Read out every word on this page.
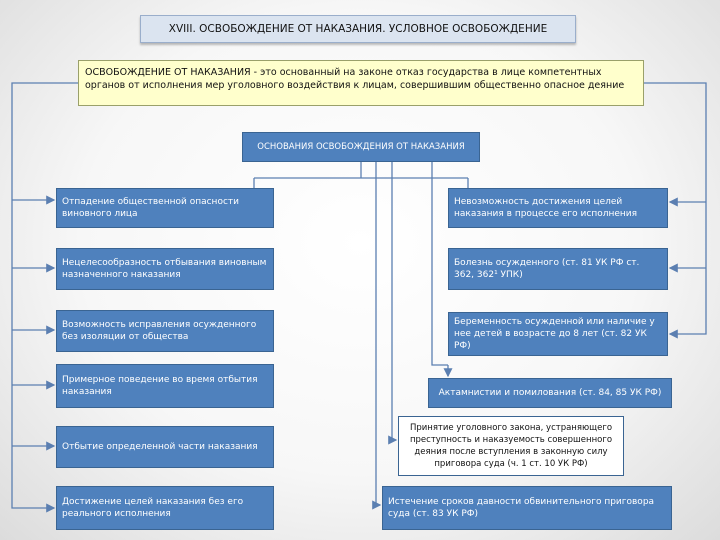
XVIII. ОСВОБОЖДЕНИЕ ОТ НАКАЗАНИЯ. УСЛОВНОЕ ОСВОБОЖДЕНИЕ
ОСВОБОЖДЕНИЕ ОТ НАКАЗАНИЯ - это основанный на законе отказ государства в лице компетентных органов от исполнения мер уголовного воздействия к лицам, совершившим общественно опасное деяние
ОСНОВАНИЯ ОСВОБОЖДЕНИЯ ОТ НАКАЗАНИЯ
Отпадение общественной опасности виновного лица
Нецелесообразность отбывания виновным назначенного наказания
Возможность исправления осужденного без изоляции от общества
Примерное поведение во время отбытия наказания
Отбытие определенной части наказания
Достижение целей наказания без его реального исполнения
Невозможность достижения целей наказания в процессе его исполнения
Болезнь осужденного (ст. 81 УК РФ ст. 362, 362¹ УПК)
Беременность осужденной или наличие у нее детей в возрасте до 8 лет (ст. 82 УК РФ)
Актамнистии и помилования (ст. 84, 85 УК РФ)
Принятие уголовного закона, устраняющего преступность и наказуемость совершенного деяния после вступления в законную силу приговора суда (ч. 1 ст. 10 УК РФ)
Истечение сроков давности обвинительного приговора суда (ст. 83 УК РФ)
